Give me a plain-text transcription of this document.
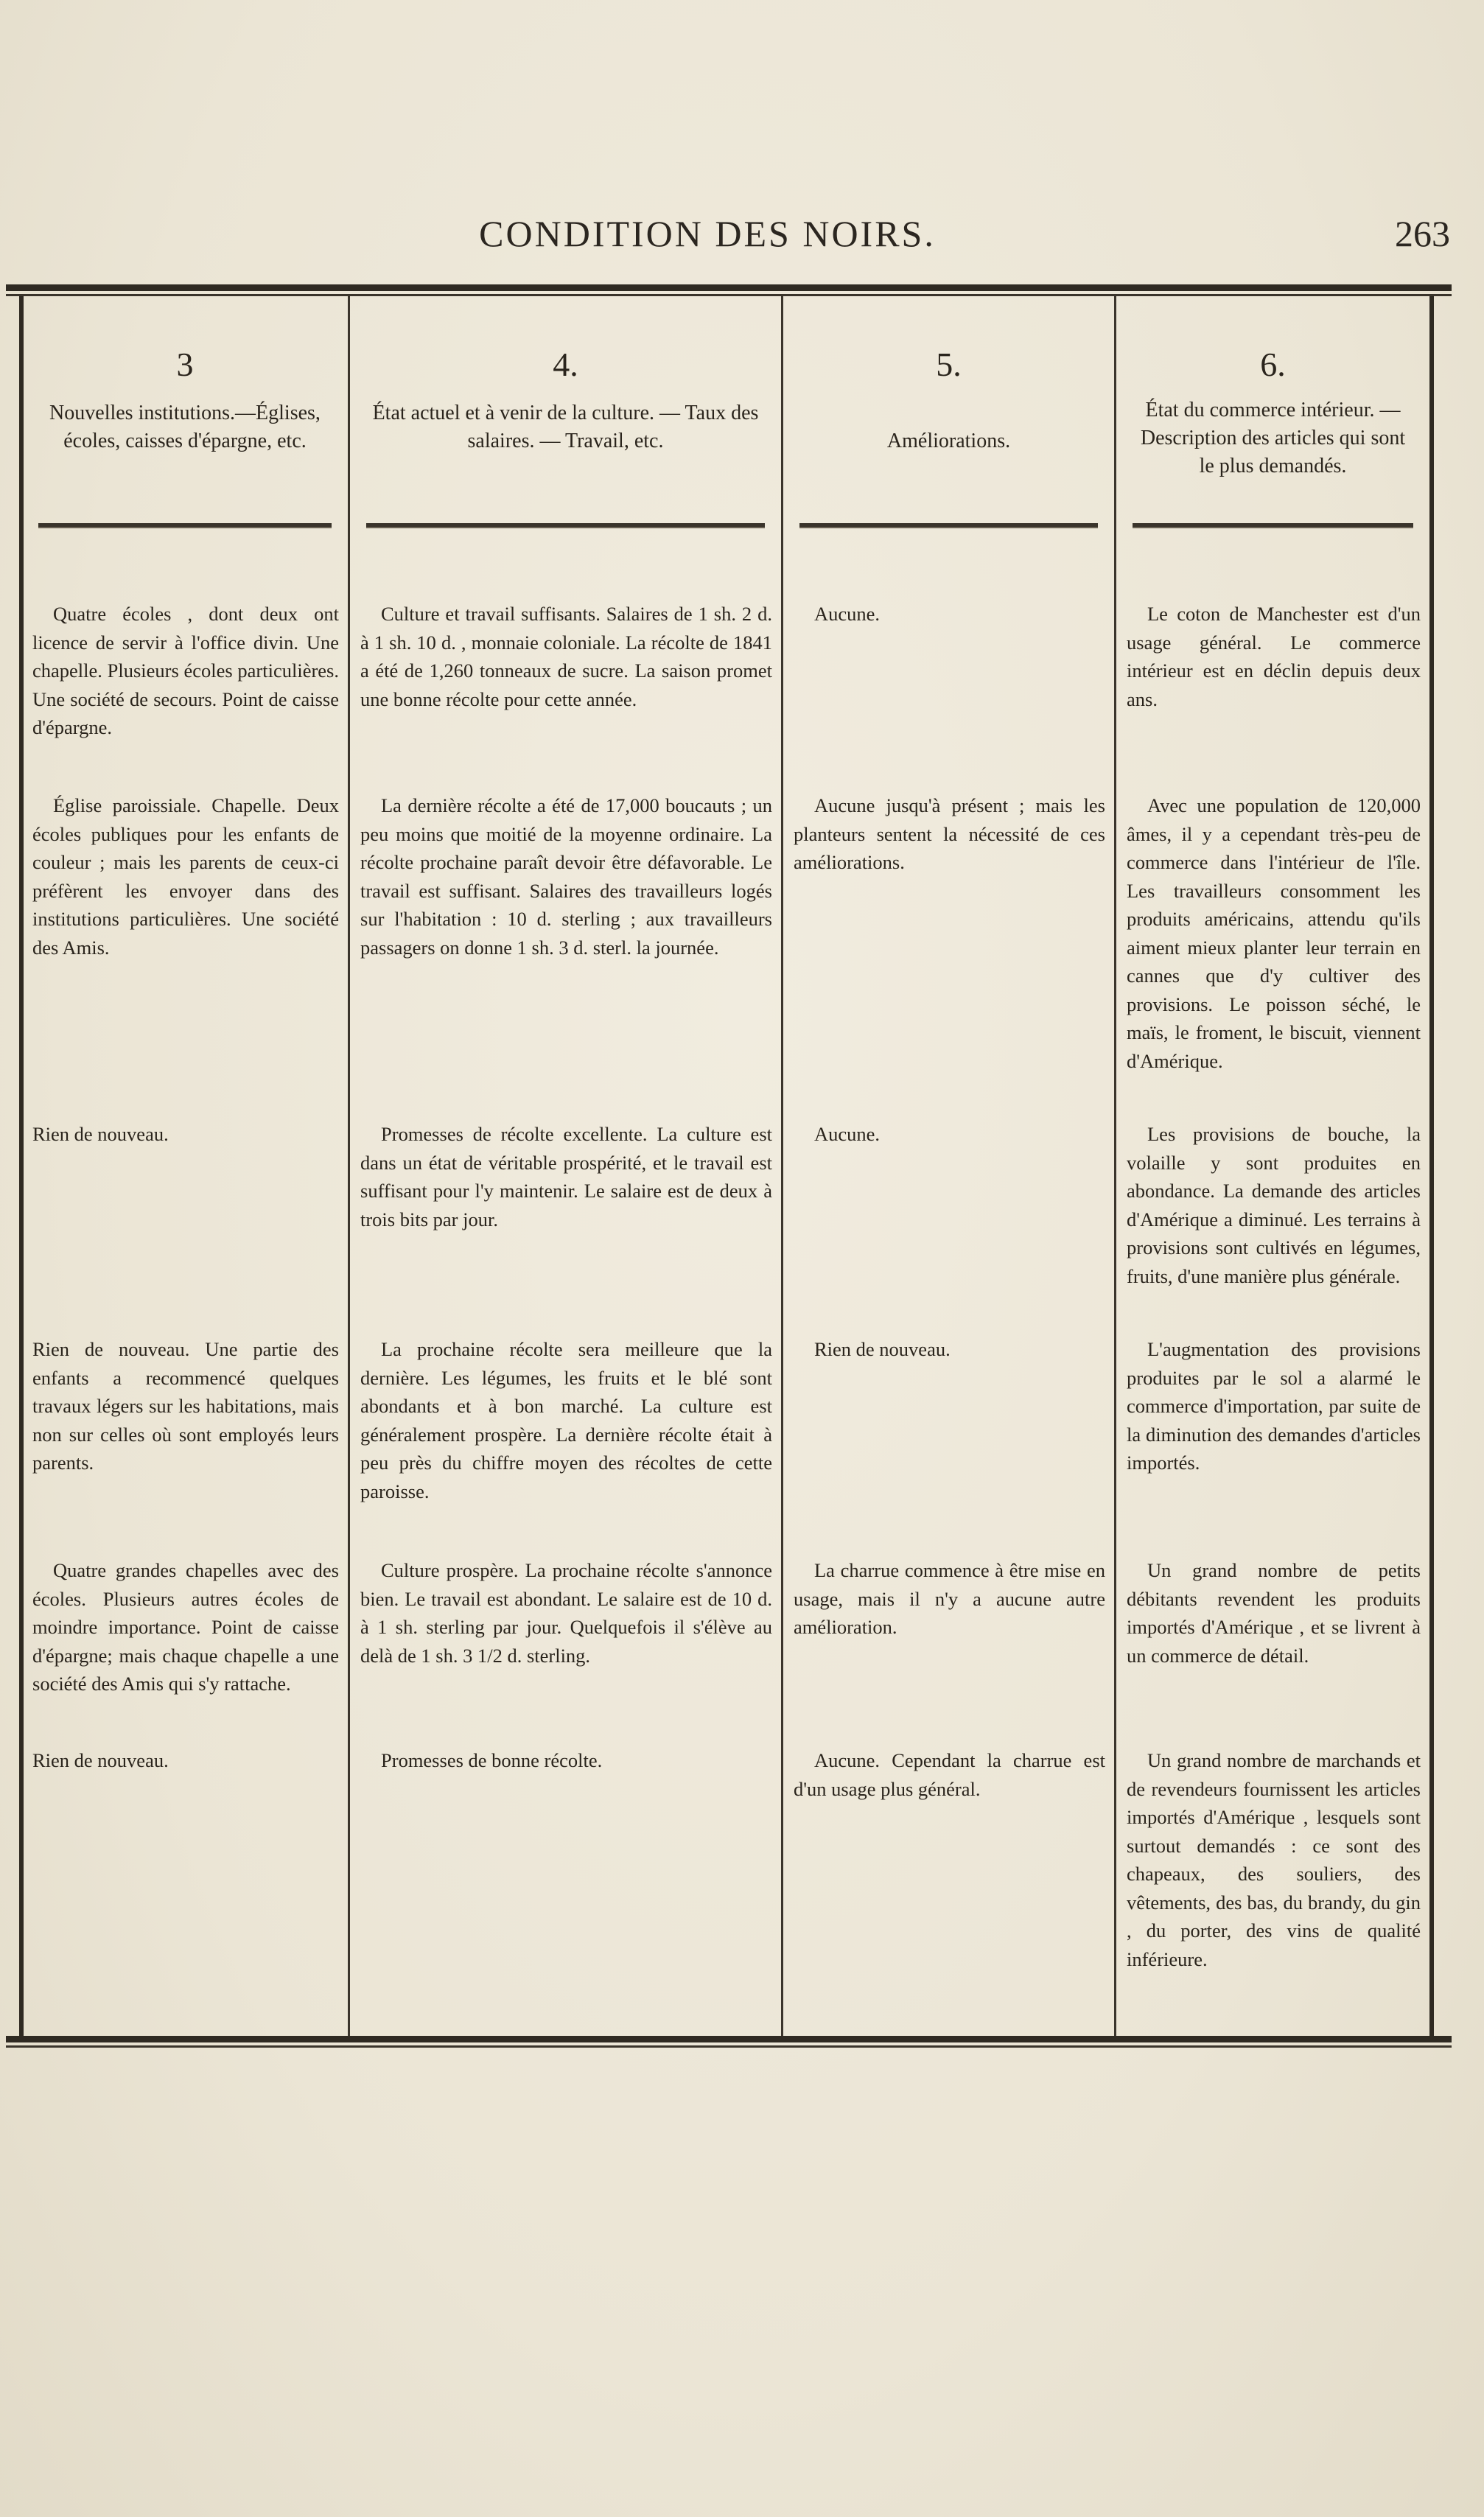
CONDITION DES NOIRS.	263
3
Nouvelles institutions.—Églises, écoles, caisses d'épargne, etc.

Quatre écoles , dont deux ont licence de servir à l'office divin. Une chapelle. Plusieurs écoles particulières. Une société de secours. Point de caisse d'épargne.

Église paroissiale. Chapelle. Deux écoles publiques pour les enfants de couleur ; mais les parents de ceux-ci préfèrent les envoyer dans des institutions particulières. Une société des Amis.

Rien de nouveau.

Rien de nouveau. Une partie des enfants a recommencé quelques travaux légers sur les habitations, mais non sur celles où sont employés leurs parents.

Quatre grandes chapelles avec des écoles. Plusieurs autres écoles de moindre importance. Point de caisse d'épargne; mais chaque chapelle a une société des Amis qui s'y rattache.

Rien de nouveau.

4.
État actuel et à venir de la culture. — Taux des salaires. — Travail, etc.

Culture et travail suffisants. Salaires de 1 sh. 2 d. à 1 sh. 10 d. , monnaie coloniale. La récolte de 1841 a été de 1,260 tonneaux de sucre. La saison promet une bonne récolte pour cette année.

La dernière récolte a été de 17,000 boucauts ; un peu moins que moitié de la moyenne ordinaire. La récolte prochaine paraît devoir être défavorable. Le travail est suffisant. Salaires des travailleurs logés sur l'habitation : 10 d. sterling ; aux travailleurs passagers on donne 1 sh. 3 d. sterl. la journée.

Promesses de récolte excellente. La culture est dans un état de véritable prospérité, et le travail est suffisant pour l'y maintenir. Le salaire est de deux à trois bits par jour.

La prochaine récolte sera meilleure que la dernière. Les légumes, les fruits et le blé sont abondants et à bon marché. La culture est généralement prospère. La dernière récolte était à peu près du chiffre moyen des récoltes de cette paroisse.

Culture prospère. La prochaine récolte s'annonce bien. Le travail est abondant. Le salaire est de 10 d. à 1 sh. sterling par jour. Quelquefois il s'élève au delà de 1 sh. 3 1/2 d. sterling.

Promesses de bonne récolte.

5.
Améliorations.

Aucune.

Aucune jusqu'à présent ; mais les planteurs sentent la nécessité de ces améliorations.

Aucune.

Rien de nouveau.

La charrue commence à être mise en usage, mais il n'y a aucune autre amélioration.

Aucune. Cependant la charrue est d'un usage plus général.

6.
État du commerce intérieur. — Description des articles qui sont le plus demandés.

Le coton de Manchester est d'un usage général. Le commerce intérieur est en déclin depuis deux ans.

Avec une population de 120,000 âmes, il y a cependant très-peu de commerce dans l'intérieur de l'île. Les travailleurs consomment les produits américains, attendu qu'ils aiment mieux planter leur terrain en cannes que d'y cultiver des provisions. Le poisson séché, le maïs, le froment, le biscuit, viennent d'Amérique.

Les provisions de bouche, la volaille y sont produites en abondance. La demande des articles d'Amérique a diminué. Les terrains à provisions sont cultivés en légumes, fruits, d'une manière plus générale.

L'augmentation des provisions produites par le sol a alarmé le commerce d'importation, par suite de la diminution des demandes d'articles importés.

Un grand nombre de petits débitants revendent les produits importés d'Amérique , et se livrent à un commerce de détail.

Un grand nombre de marchands et de revendeurs fournissent les articles importés d'Amérique , lesquels sont surtout demandés : ce sont des chapeaux, des souliers, des vêtements, des bas, du brandy, du gin , du porter, des vins de qualité inférieure.
